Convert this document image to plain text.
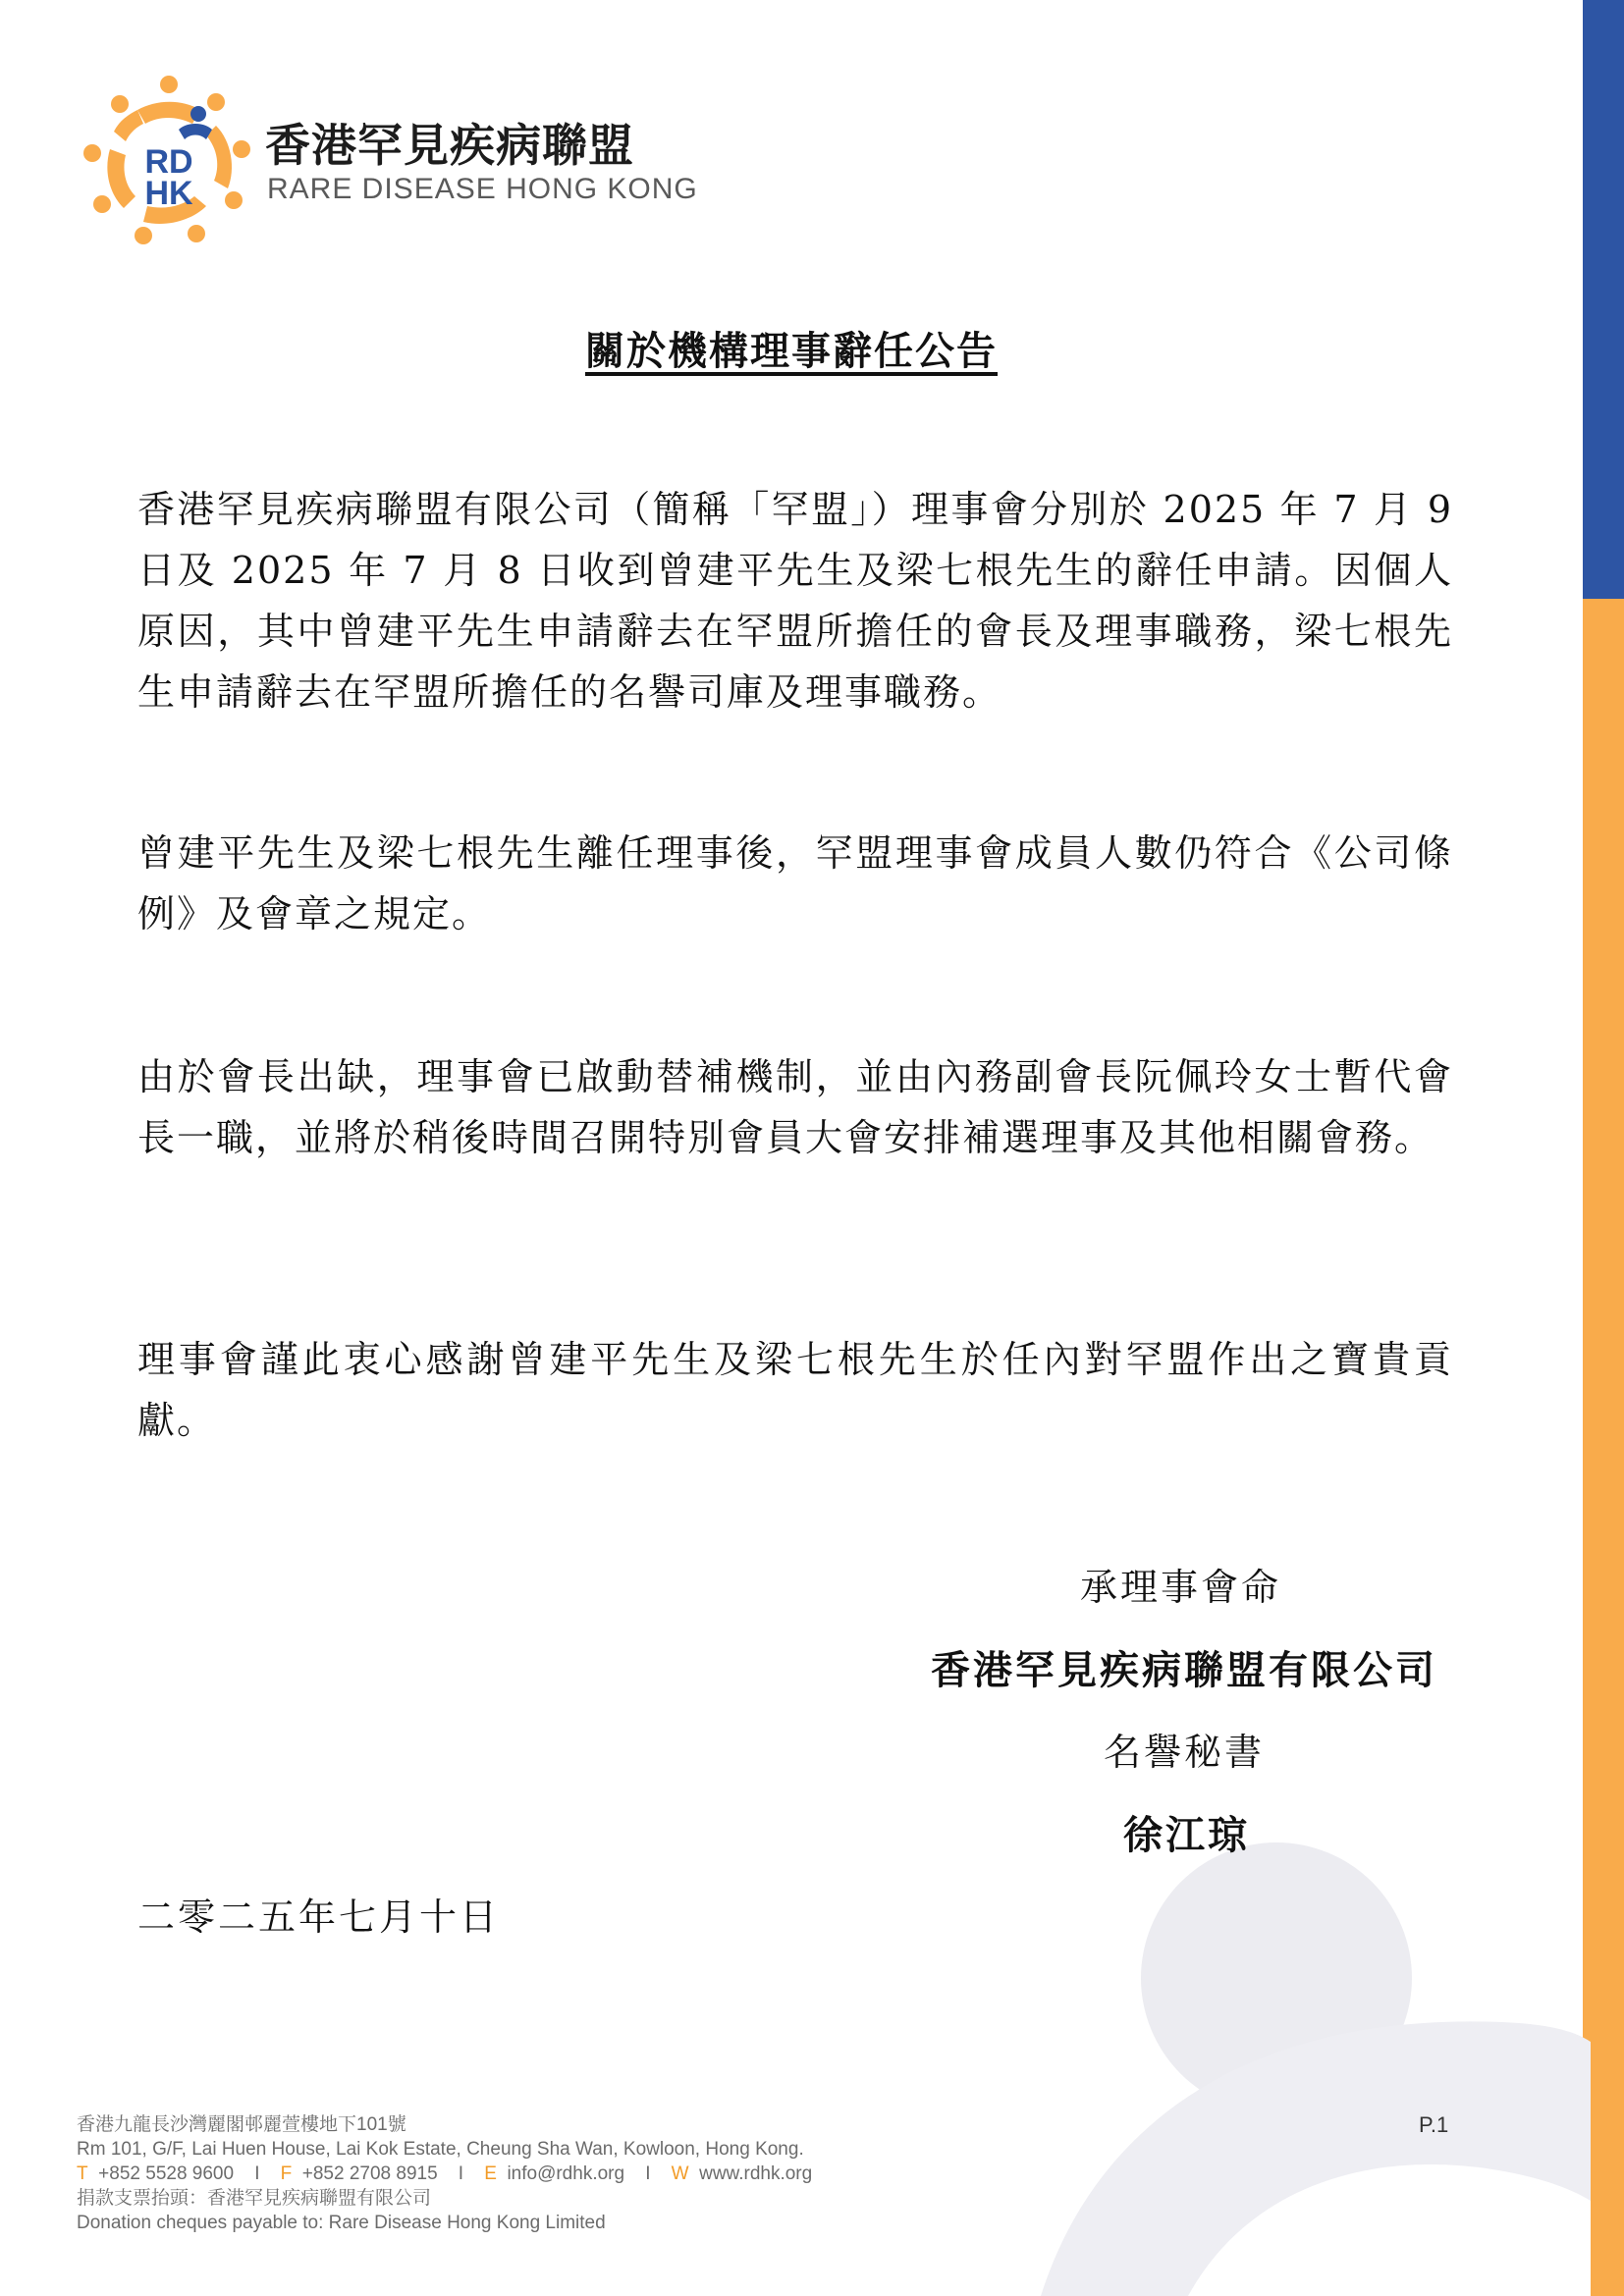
RD
HK
香港罕見疾病聯盟
RARE DISEASE HONG KONG
關於機構理事辭任公告
香港罕見疾病聯盟有限公司（簡稱「罕盟」）理事會分別於 2025 年 7 月 9 日及 2025 年 7 月 8 日收到曾建平先生及梁七根先生的辭任申請。因個人原因，其中曾建平先生申請辭去在罕盟所擔任的會長及理事職務，梁七根先生申請辭去在罕盟所擔任的名譽司庫及理事職務。
曾建平先生及梁七根先生離任理事後，罕盟理事會成員人數仍符合《公司條例》及會章之規定。
由於會長出缺，理事會已啟動替補機制，並由內務副會長阮佩玲女士暫代會長一職，並將於稍後時間召開特別會員大會安排補選理事及其他相關會務。
理事會謹此衷心感謝曾建平先生及梁七根先生於任內對罕盟作出之寶貴貢獻。
承理事會命
香港罕見疾病聯盟有限公司
名譽秘書
徐江琼
二零二五年七月十日
香港九龍長沙灣麗閣邨麗萱樓地下101號
Rm 101, G/F, Lai Huen House, Lai Kok Estate, Cheung Sha Wan, Kowloon, Hong Kong.
T +852 5528 9600 I F +852 2708 8915 I E info@rdhk.org I W www.rdhk.org
捐款支票抬頭：香港罕見疾病聯盟有限公司
Donation cheques payable to: Rare Disease Hong Kong Limited
P.1
